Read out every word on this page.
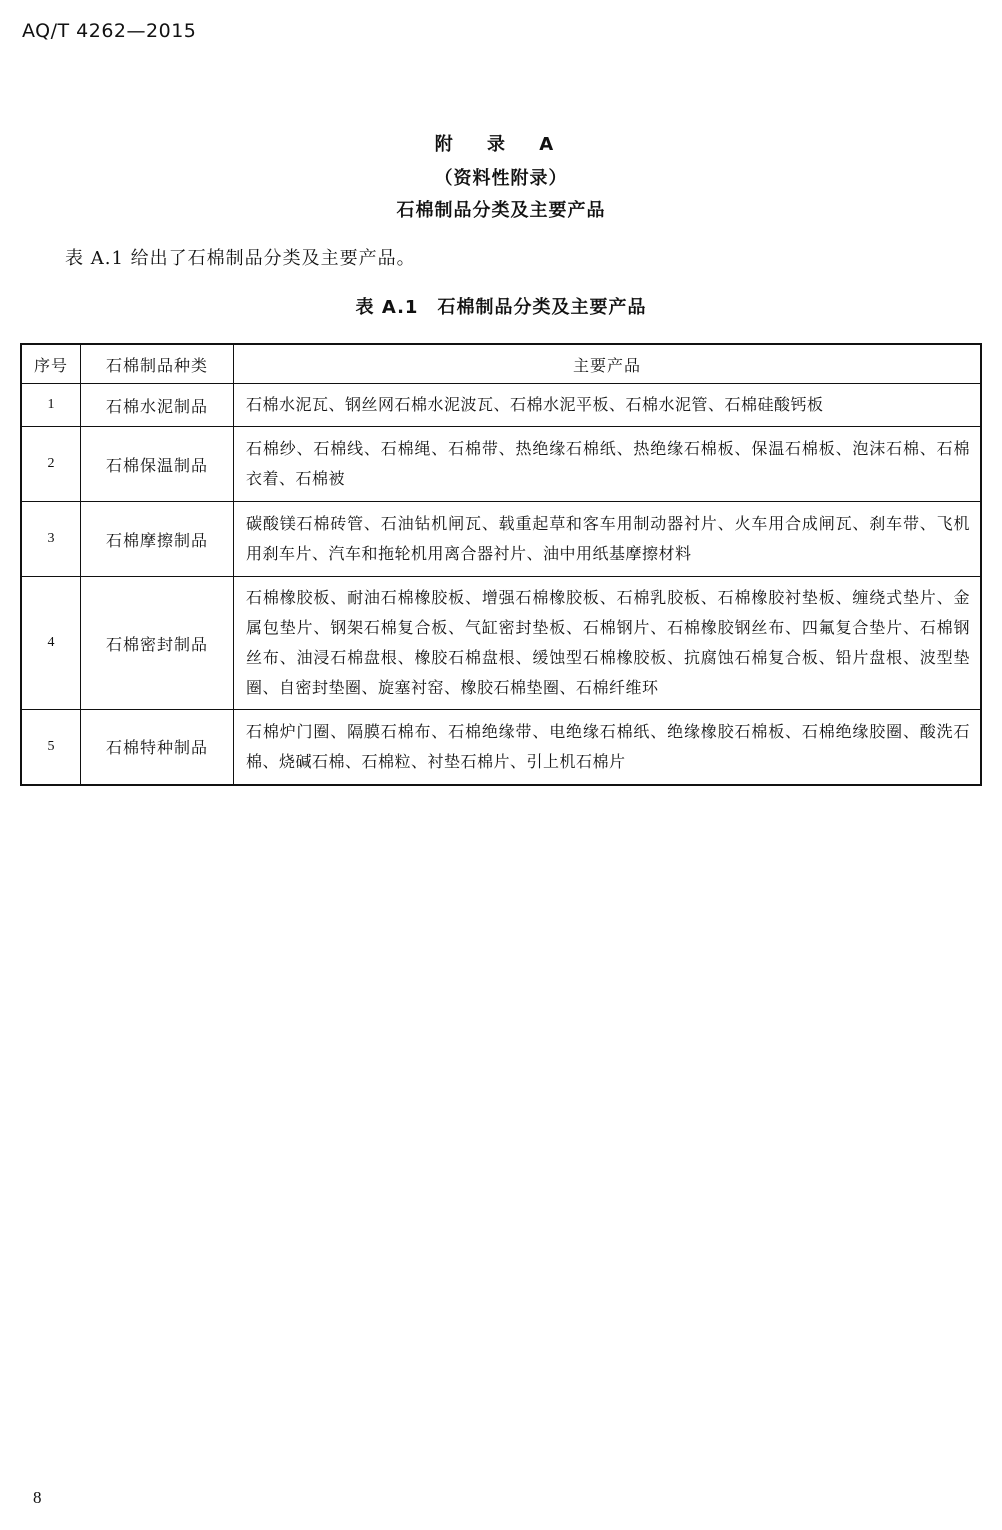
AQ/T 4262—2015
附 录 A
（资料性附录）
石棉制品分类及主要产品
表 A.1 给出了石棉制品分类及主要产品。
表 A.1　石棉制品分类及主要产品
序号	石棉制品种类	主要产品
1	石棉水泥制品	石棉水泥瓦、钢丝网石棉水泥波瓦、石棉水泥平板、石棉水泥管、石棉硅酸钙板
2	石棉保温制品	石棉纱、石棉线、石棉绳、石棉带、热绝缘石棉纸、热绝缘石棉板、保温石棉板、泡沫石棉、石棉衣着、石棉被
3	石棉摩擦制品	碳酸镁石棉砖管、石油钻机闸瓦、载重起草和客车用制动器衬片、火车用合成闸瓦、刹车带、飞机用刹车片、汽车和拖轮机用离合器衬片、油中用纸基摩擦材料
4	石棉密封制品	石棉橡胶板、耐油石棉橡胶板、增强石棉橡胶板、石棉乳胶板、石棉橡胶衬垫板、缠绕式垫片、金属包垫片、钢架石棉复合板、气缸密封垫板、石棉钢片、石棉橡胶钢丝布、四氟复合垫片、石棉钢丝布、油浸石棉盘根、橡胶石棉盘根、缓蚀型石棉橡胶板、抗腐蚀石棉复合板、铅片盘根、波型垫圈、自密封垫圈、旋塞衬窑、橡胶石棉垫圈、石棉纤维环
5	石棉特种制品	石棉炉门圈、隔膜石棉布、石棉绝缘带、电绝缘石棉纸、绝缘橡胶石棉板、石棉绝缘胶圈、酸洗石棉、烧碱石棉、石棉粒、衬垫石棉片、引上机石棉片
8
